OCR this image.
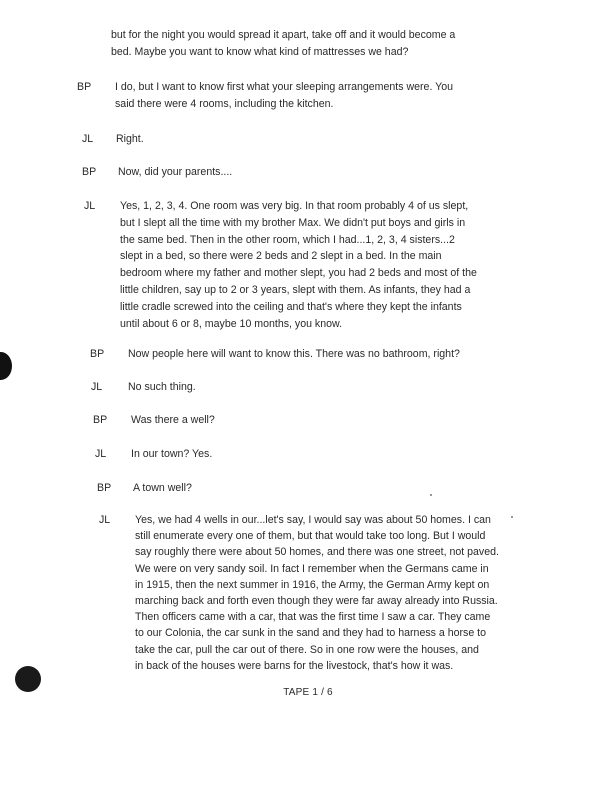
but for the night you would spread it apart, take off and it would become a

bed. Maybe you want to know what kind of mattresses we had?

BP I do, but I want to know first what your sleeping arrangements were. You

said there were 4 rooms, including the kitchen.

JL Right.

BP Now, did your parents....

JL Yes, 1, 2, 3, 4. One room was very big. In that room probably 4 of us slept,

but I slept all the time with my brother Max. We didn't put boys and girls in

the same bed. Then in the other room, which I had...1, 2, 3, 4 sisters...2

slept in a bed, so there were 2 beds and 2 slept in a bed. In the main

bedroom where my father and mother slept, you had 2 beds and most of the

little children, say up to 2 or 3 years, slept with them. As infants, they had a

little cradle screwed into the ceiling and that's where they kept the infants

until about 6 or 8, maybe 10 months, you know.

BP Now people here will want to know this. There was no bathroom, right?

JL No such thing.

BP Was there a well?

JL In our town? Yes.

BP A town well?

JL Yes, we had 4 wells in our...let's say, I would say was about 50 homes. I can

still enumerate every one of them, but that would take too long. But I would

say roughly there were about 50 homes, and there was one street, not paved.

We were on very sandy soil. In fact I remember when the Germans came in

in 1915, then the next summer in 1916, the Army, the German Army kept on

marching back and forth even though they were far away already into Russia.

Then officers came with a car, that was the first time I saw a car. They came

to our Colonia, the car sunk in the sand and they had to harness a horse to

take the car, pull the car out of there. So in one row were the houses, and

in back of the houses were barns for the livestock, that's how it was.

TAPE 1 / 6
